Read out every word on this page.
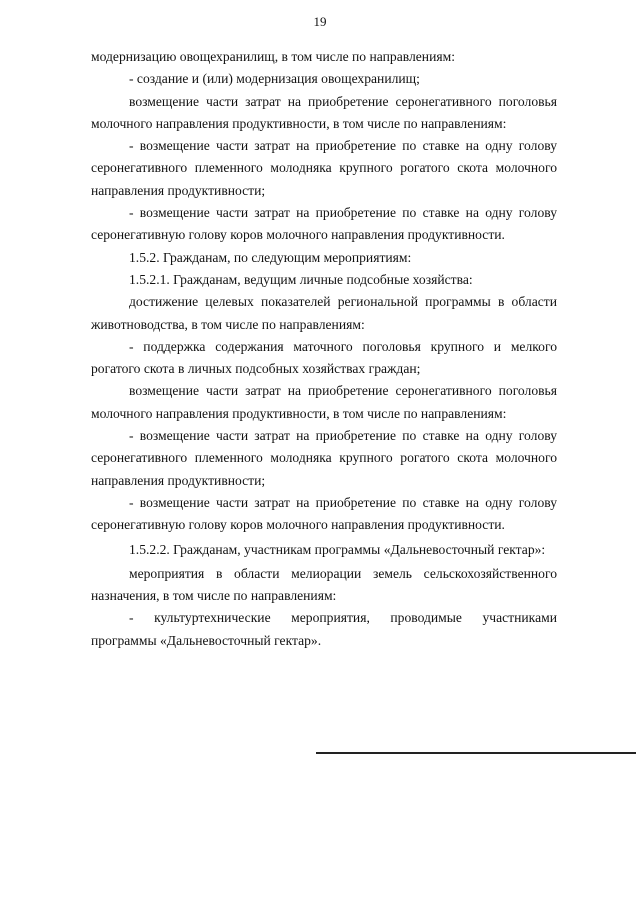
19

модернизацию овощехранилищ, в том числе по направлениям:

- создание и (или) модернизация овощехранилищ;

возмещение части затрат на приобретение серонегативного поголовья молочного направления продуктивности, в том числе по направлениям:

- возмещение части затрат на приобретение по ставке на одну голову серонегативного племенного молодняка крупного рогатого скота молочного направления продуктивности;

- возмещение части затрат на приобретение по ставке на одну голову серонегативную голову коров молочного направления продуктивности.

1.5.2. Гражданам, по следующим мероприятиям:

1.5.2.1. Гражданам, ведущим личные подсобные хозяйства:

достижение целевых показателей региональной программы в области животноводства, в том числе по направлениям:

- поддержка содержания маточного поголовья крупного и мелкого рогатого скота в личных подсобных хозяйствах граждан;

возмещение части затрат на приобретение серонегативного поголовья молочного направления продуктивности, в том числе по направлениям:

- возмещение части затрат на приобретение по ставке на одну голову серонегативного племенного молодняка крупного рогатого скота молочного направления продуктивности;

- возмещение части затрат на приобретение по ставке на одну голову серонегативную голову коров молочного направления продуктивности.

1.5.2.2. Гражданам, участникам программы «Дальневосточный гектар»:

мероприятия в области мелиорации земель сельскохозяйственного назначения, в том числе по направлениям:

- культуртехнические мероприятия, проводимые участниками программы «Дальневосточный гектар».
